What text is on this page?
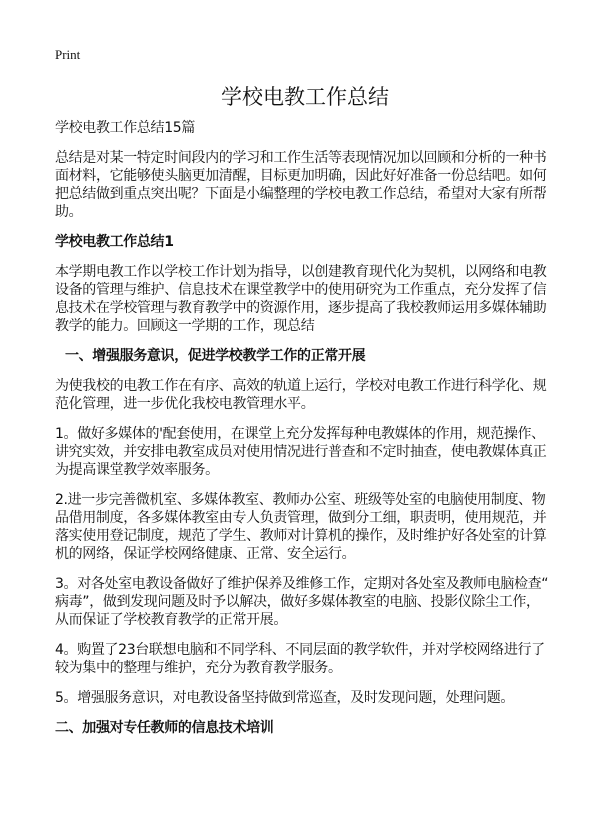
Print
学校电教工作总结
学校电教工作总结15篇
总结是对某一特定时间段内的学习和工作生活等表现情况加以回顾和分析的一种书
面材料，它能够使头脑更加清醒，目标更加明确，因此好好准备一份总结吧。如何
把总结做到重点突出呢？下面是小编整理的学校电教工作总结，希望对大家有所帮
助。
学校电教工作总结1
本学期电教工作以学校工作计划为指导，以创建教育现代化为契机，以网络和电教
设备的管理与维护、信息技术在课堂教学中的使用研究为工作重点，充分发挥了信
息技术在学校管理与教育教学中的资源作用，逐步提高了我校教师运用多媒体辅助
教学的能力。回顾这一学期的工作，现总结
一、增强服务意识，促进学校教学工作的正常开展
为使我校的电教工作在有序、高效的轨道上运行，学校对电教工作进行科学化、规
范化管理，进一步优化我校电教管理水平。
1。做好多媒体的'配套使用，在课堂上充分发挥每种电教媒体的作用，规范操作、
讲究实效，并安排电教室成员对使用情况进行普查和不定时抽查，使电教媒体真正
为提高课堂教学效率服务。
2.进一步完善微机室、多媒体教室、教师办公室、班级等处室的电脑使用制度、物
品借用制度，各多媒体教室由专人负责管理，做到分工细，职责明，使用规范，并
落实使用登记制度，规范了学生、教师对计算机的操作，及时维护好各处室的计算
机的网络，保证学校网络健康、正常、安全运行。
3。对各处室电教设备做好了维护保养及维修工作，定期对各处室及教师电脑检查“
病毒”，做到发现问题及时予以解决，做好多媒体教室的电脑、投影仪除尘工作，
从而保证了学校教育教学的正常开展。
4。购置了23台联想电脑和不同学科、不同层面的教学软件，并对学校网络进行了
较为集中的整理与维护，充分为教育教学服务。
5。增强服务意识，对电教设备坚持做到常巡查，及时发现问题，处理问题。
二、加强对专任教师的信息技术培训
